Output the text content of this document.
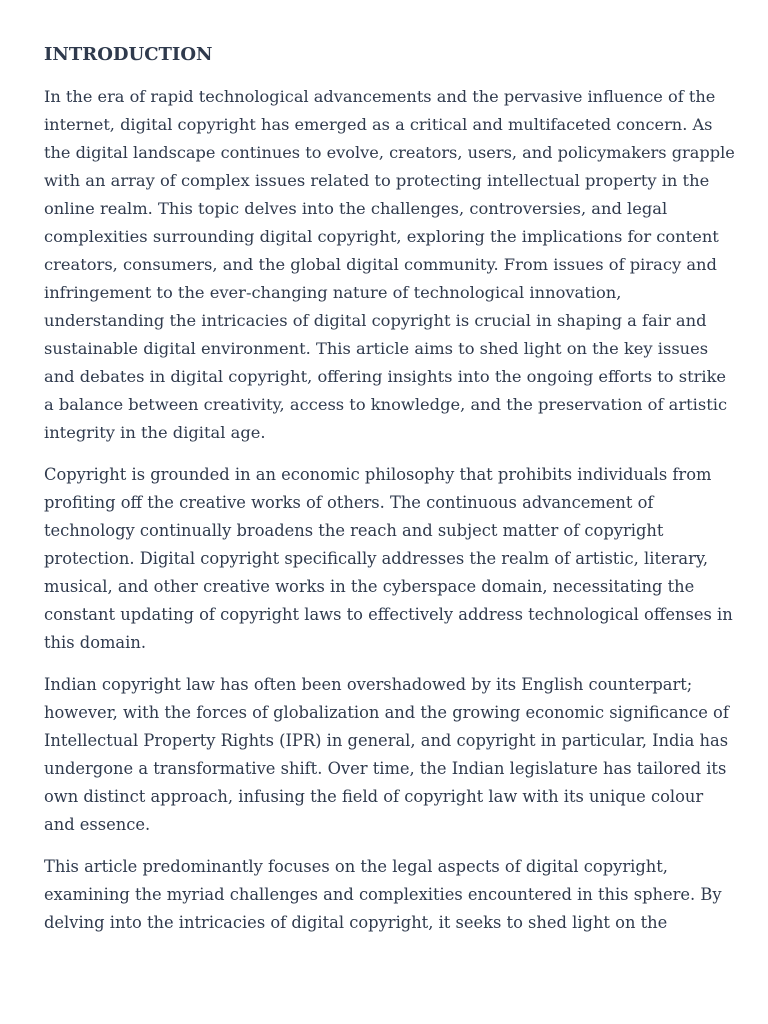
INTRODUCTION

In the era of rapid technological advancements and the pervasive influence of the
internet, digital copyright has emerged as a critical and multifaceted concern. As
the digital landscape continues to evolve, creators, users, and policymakers grapple
with an array of complex issues related to protecting intellectual property in the
online realm. This topic delves into the challenges, controversies, and legal
complexities surrounding digital copyright, exploring the implications for content
creators, consumers, and the global digital community. From issues of piracy and
infringement to the ever-changing nature of technological innovation,
understanding the intricacies of digital copyright is crucial in shaping a fair and
sustainable digital environment. This article aims to shed light on the key issues
and debates in digital copyright, offering insights into the ongoing efforts to strike
a balance between creativity, access to knowledge, and the preservation of artistic
integrity in the digital age.

Copyright is grounded in an economic philosophy that prohibits individuals from
profiting off the creative works of others. The continuous advancement of
technology continually broadens the reach and subject matter of copyright
protection. Digital copyright specifically addresses the realm of artistic, literary,
musical, and other creative works in the cyberspace domain, necessitating the
constant updating of copyright laws to effectively address technological offenses in
this domain.

Indian copyright law has often been overshadowed by its English counterpart;
however, with the forces of globalization and the growing economic significance of
Intellectual Property Rights (IPR) in general, and copyright in particular, India has
undergone a transformative shift. Over time, the Indian legislature has tailored its
own distinct approach, infusing the field of copyright law with its unique colour
and essence.

This article predominantly focuses on the legal aspects of digital copyright,
examining the myriad challenges and complexities encountered in this sphere. By
delving into the intricacies of digital copyright, it seeks to shed light on the
